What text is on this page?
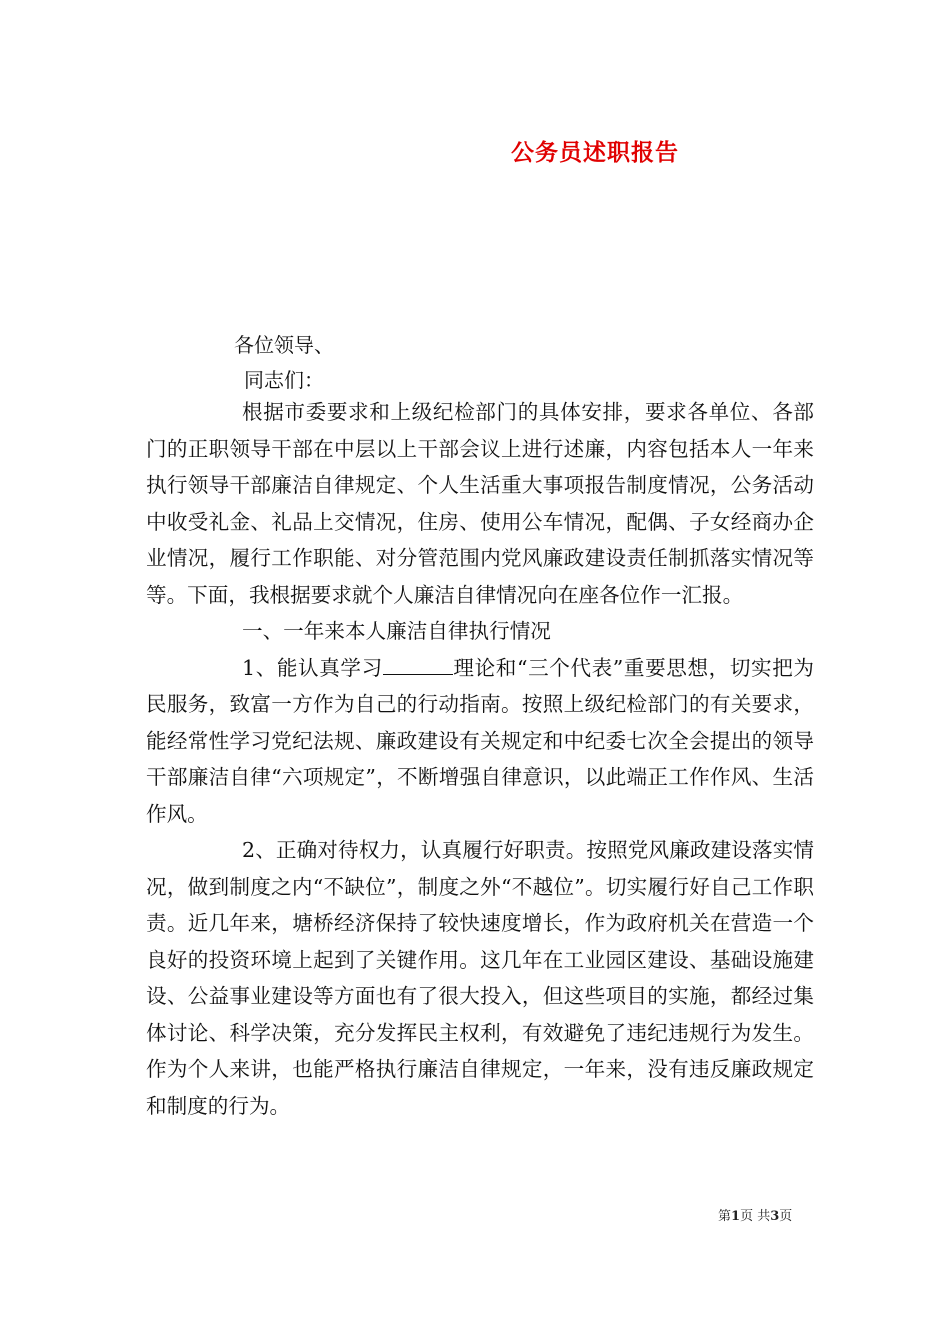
公务员述职报告
各位领导、
同志们：

根据市委要求和上级纪检部门的具体安排，要求各单位、各部门的正职领导干部在中层以上干部会议上进行述廉，内容包括本人一年来执行领导干部廉洁自律规定、个人生活重大事项报告制度情况，公务活动中收受礼金、礼品上交情况，住房、使用公车情况，配偶、子女经商办企业情况，履行工作职能、对分管范围内党风廉政建设责任制抓落实情况等等。下面，我根据要求就个人廉洁自律情况向在座各位作一汇报。

一、一年来本人廉洁自律执行情况

1、能认真学习	理论和“三个代表”重要思想，切实把为民服务，致富一方作为自己的行动指南。按照上级纪检部门的有关要求，能经常性学习党纪法规、廉政建设有关规定和中纪委七次全会提出的领导干部廉洁自律“六项规定”，不断增强自律意识，以此端正工作作风、生活作风。

2、正确对待权力，认真履行好职责。按照党风廉政建设落实情况，做到制度之内“不缺位”，制度之外“不越位”。切实履行好自己工作职责。近几年来，塘桥经济保持了较快速度增长，作为政府机关在营造一个良好的投资环境上起到了关键作用。这几年在工业园区建设、基础设施建设、公益事业建设等方面也有了很大投入，但这些项目的实施，都经过集体讨论、科学决策，充分发挥民主权利，有效避免了违纪违规行为发生。作为个人来讲，也能严格执行廉洁自律规定，一年来，没有违反廉政规定和制度的行为。

第1页 共3页
